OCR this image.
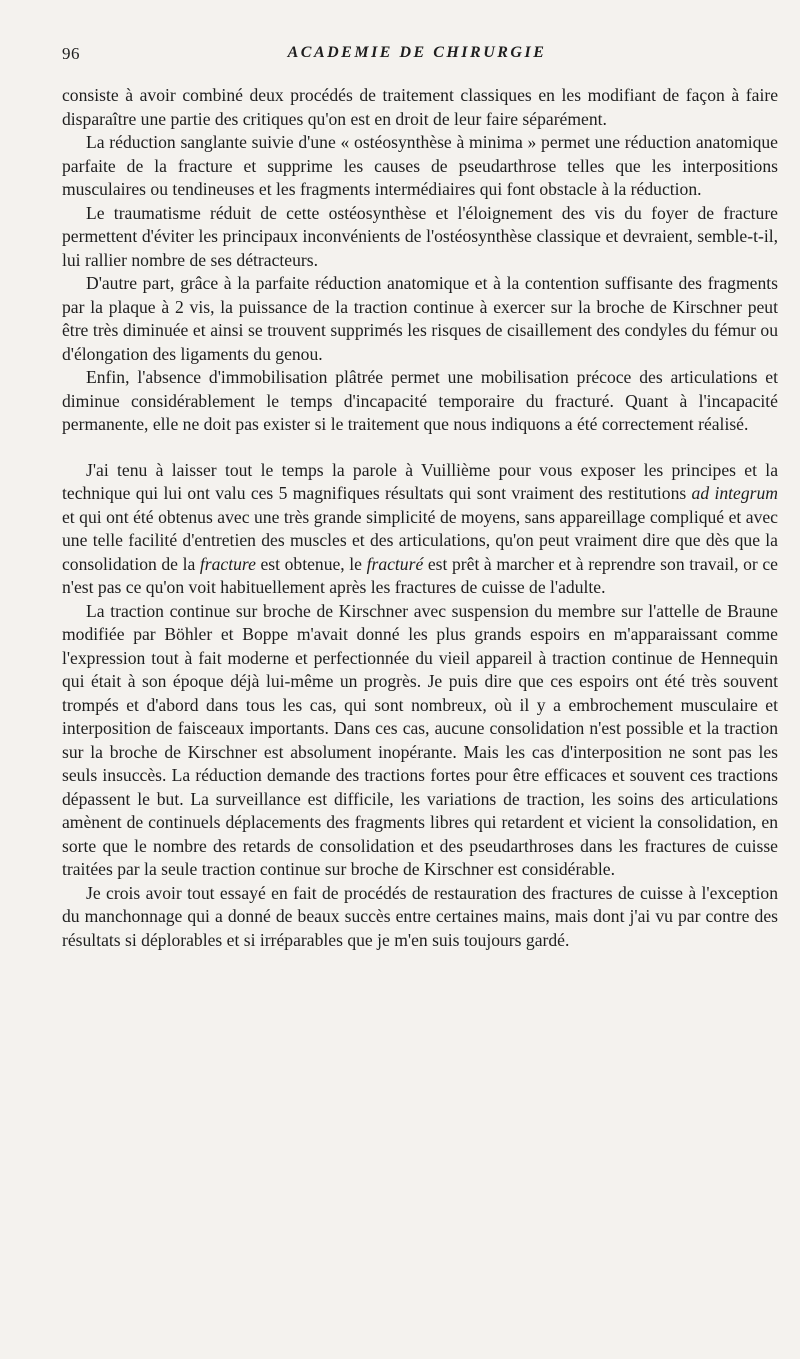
96	ACADEMIE DE CHIRURGIE

consiste à avoir combiné deux procédés de traitement classiques en les modifiant de façon à faire disparaître une partie des critiques qu'on est en droit de leur faire séparément.

La réduction sanglante suivie d'une « ostéosynthèse à minima » permet une réduction anatomique parfaite de la fracture et supprime les causes de pseudarthrose telles que les interpositions musculaires ou tendineuses et les fragments intermédiaires qui font obstacle à la réduction.

Le traumatisme réduit de cette ostéosynthèse et l'éloignement des vis du foyer de fracture permettent d'éviter les principaux inconvénients de l'ostéosynthèse classique et devraient, semble-t-il, lui rallier nombre de ses détracteurs.

D'autre part, grâce à la parfaite réduction anatomique et à la contention suffisante des fragments par la plaque à 2 vis, la puissance de la traction continue à exercer sur la broche de Kirschner peut être très diminuée et ainsi se trouvent supprimés les risques de cisaillement des condyles du fémur ou d'élongation des ligaments du genou.

Enfin, l'absence d'immobilisation plâtrée permet une mobilisation précoce des articulations et diminue considérablement le temps d'incapacité temporaire du fracturé. Quant à l'incapacité permanente, elle ne doit pas exister si le traitement que nous indiquons a été correctement réalisé.

J'ai tenu à laisser tout le temps la parole à Vuillième pour vous exposer les principes et la technique qui lui ont valu ces 5 magnifiques résultats qui sont vraiment des restitutions ad integrum et qui ont été obtenus avec une très grande simplicité de moyens, sans appareillage compliqué et avec une telle facilité d'entretien des muscles et des articulations, qu'on peut vraiment dire que dès que la consolidation de la fracture est obtenue, le fracturé est prêt à marcher et à reprendre son travail, or ce n'est pas ce qu'on voit habituellement après les fractures de cuisse de l'adulte.

La traction continue sur broche de Kirschner avec suspension du membre sur l'attelle de Braune modifiée par Böhler et Boppe m'avait donné les plus grands espoirs en m'apparaissant comme l'expression tout à fait moderne et perfectionnée du vieil appareil à traction continue de Hennequin qui était à son époque déjà lui-même un progrès. Je puis dire que ces espoirs ont été très souvent trompés et d'abord dans tous les cas, qui sont nombreux, où il y a embrochement musculaire et interposition de faisceaux importants. Dans ces cas, aucune consolidation n'est possible et la traction sur la broche de Kirschner est absolument inopérante. Mais les cas d'interposition ne sont pas les seuls insuccès. La réduction demande des tractions fortes pour être efficaces et souvent ces tractions dépassent le but. La surveillance est difficile, les variations de traction, les soins des articulations amènent de continuels déplacements des fragments libres qui retardent et vicient la consolidation, en sorte que le nombre des retards de consolidation et des pseudarthroses dans les fractures de cuisse traitées par la seule traction continue sur broche de Kirschner est considérable.

Je crois avoir tout essayé en fait de procédés de restauration des fractures de cuisse à l'exception du manchonnage qui a donné de beaux succès entre certaines mains, mais dont j'ai vu par contre des résultats si déplorables et si irréparables que je m'en suis toujours gardé.
